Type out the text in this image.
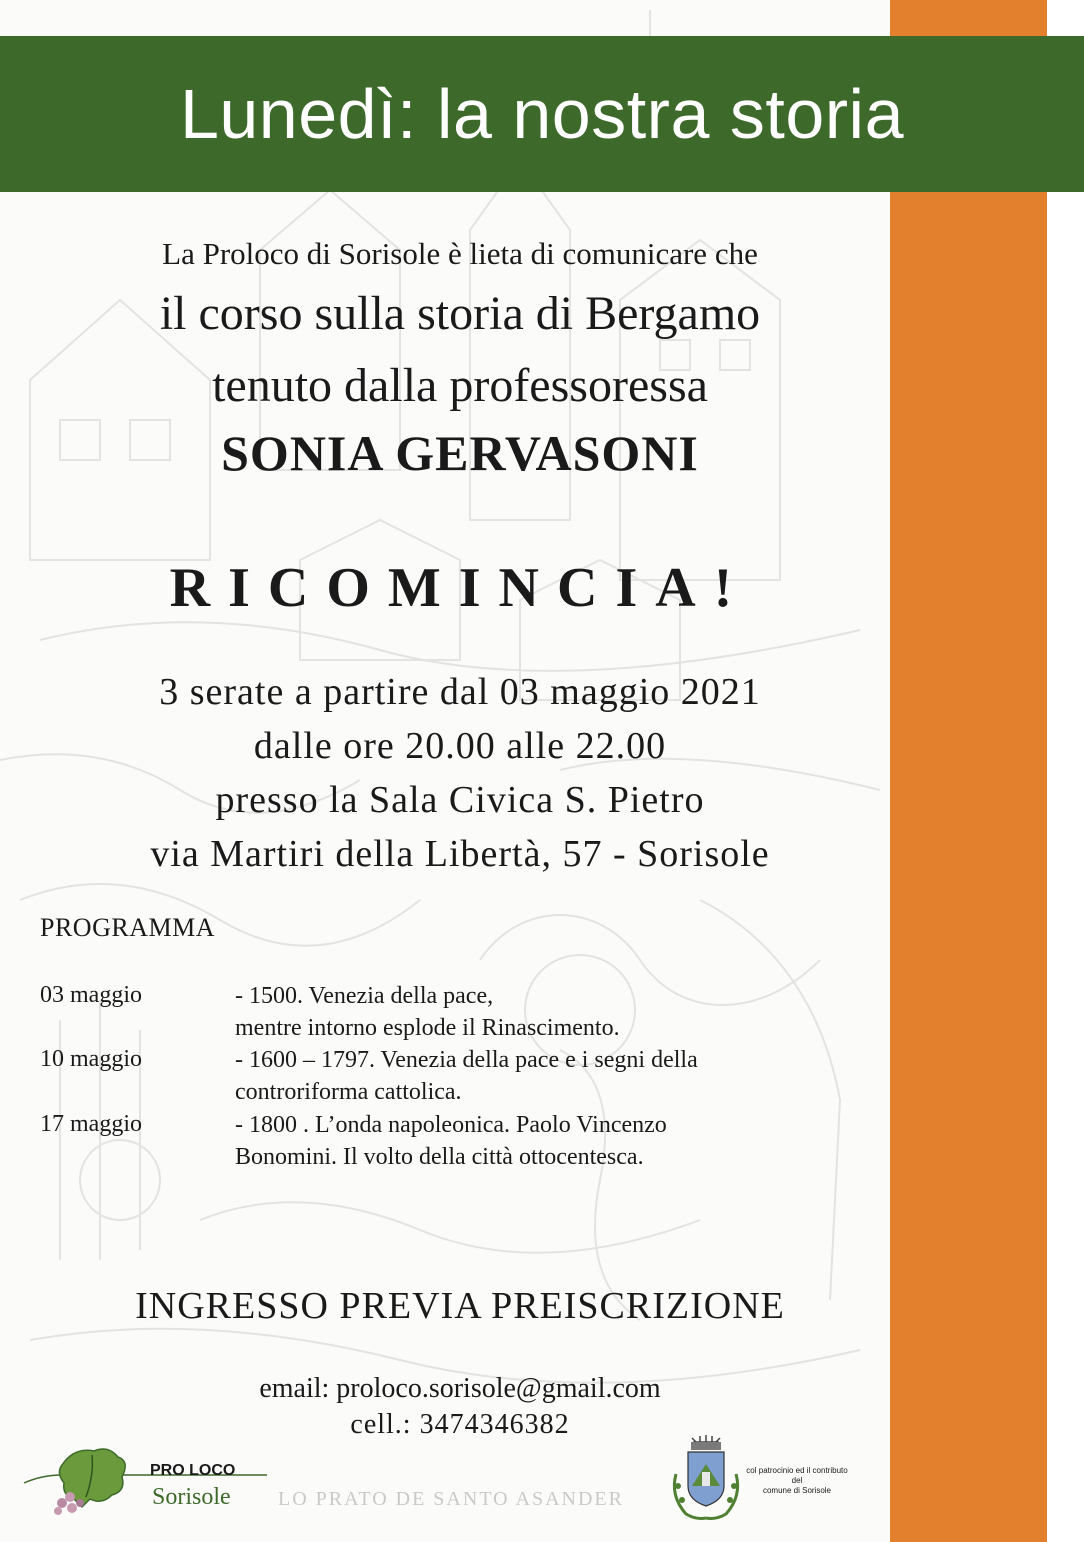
Lunedì: la nostra storia
La Proloco di Sorisole è lieta di comunicare che
il corso sulla storia di Bergamo
tenuto dalla professoressa
SONIA GERVASONI
RICOMINCIA!
3 serate a partire dal 03 maggio 2021
dalle ore 20.00 alle 22.00
presso la Sala Civica S. Pietro
via Martiri della Libertà, 57 - Sorisole
PROGRAMMA
03 maggio	- 1500. Venezia della pace,
mentre intorno esplode il Rinascimento.
10 maggio	- 1600 – 1797. Venezia della pace e i segni della
controriforma cattolica.
17 maggio	- 1800 . L’onda napoleonica. Paolo Vincenzo
Bonomini. Il volto della città ottocentesca.
INGRESSO PREVIA PREISCRIZIONE
email: proloco.sorisole@gmail.com
cell.: 3474346382
PRO LOCO
Sorisole LO PRATO DE SANTO ASANDER
col patrocinio ed il contributo
del
comune di Sorisole
